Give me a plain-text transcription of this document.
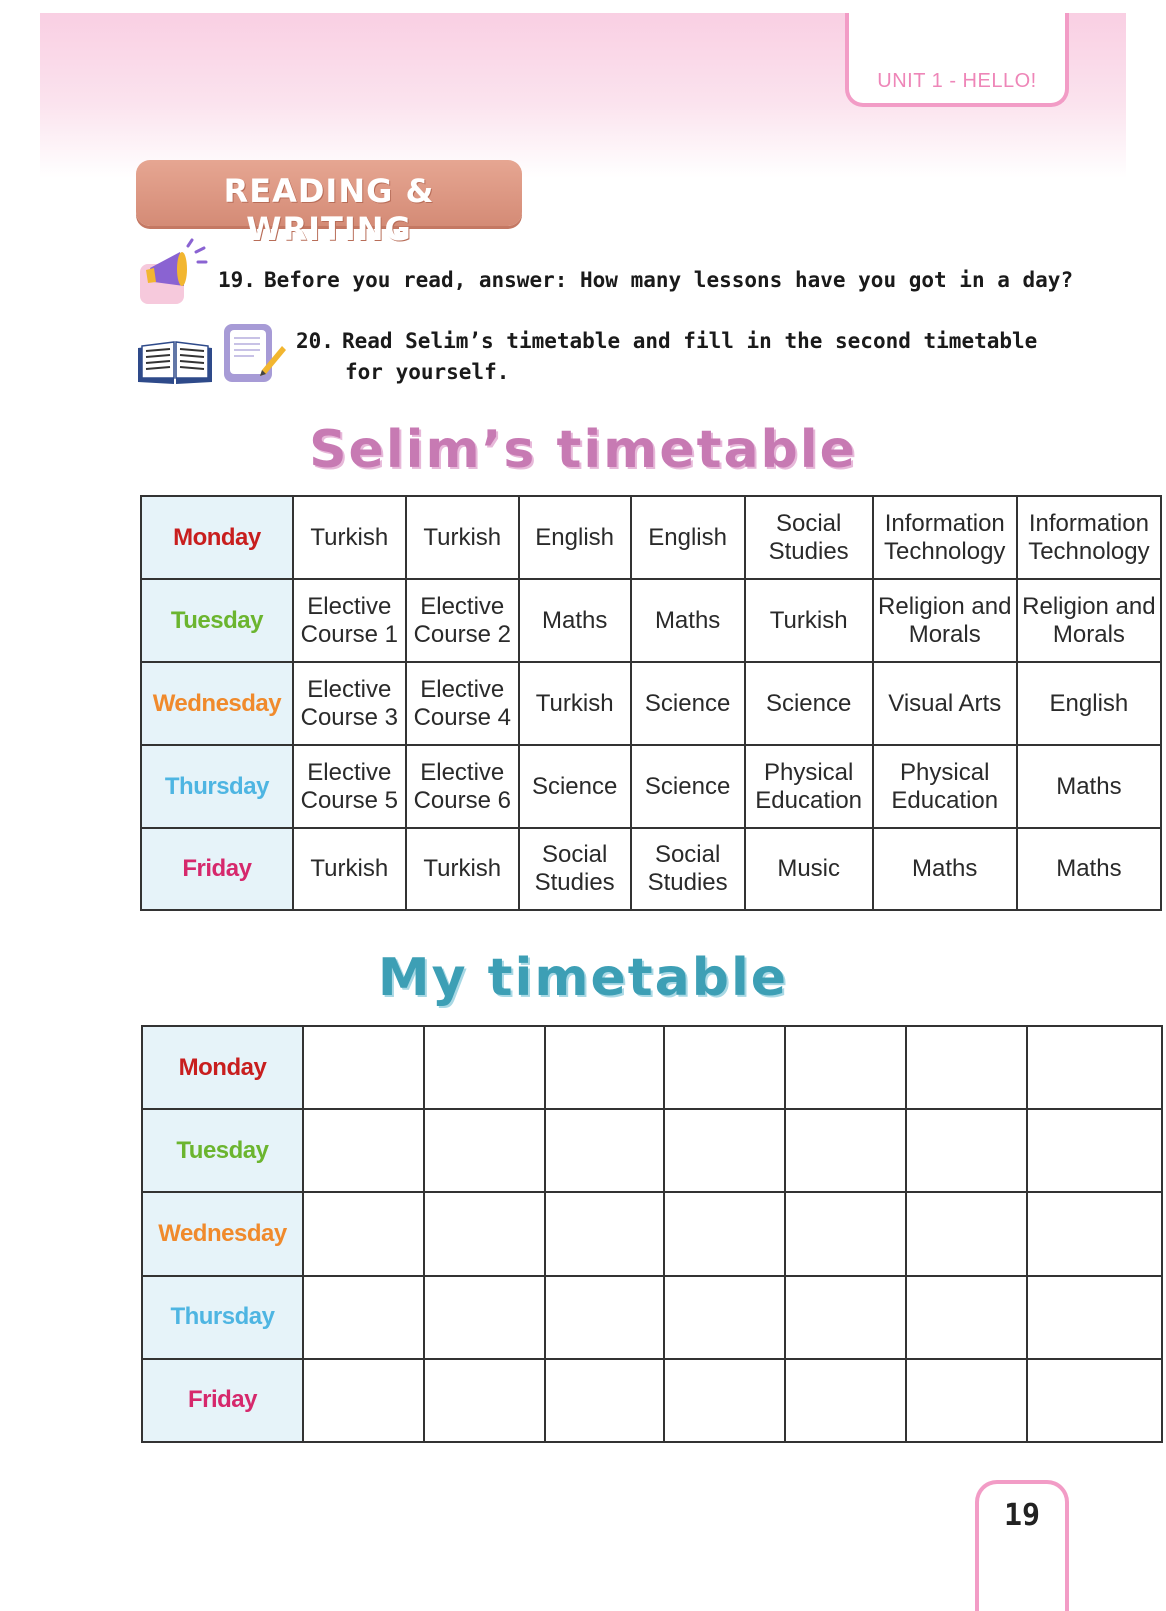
UNIT 1 - HELLO!
READING & WRITING
19. Before you read, answer: How many lessons have you got in a day?
20. Read Selim’s timetable and fill in the second timetable for yourself.
Selim’s timetable
Monday	Turkish	Turkish	English	English	Social Studies	Information Technology	Information Technology
Tuesday	Elective Course 1	Elective Course 2	Maths	Maths	Turkish	Religion and Morals	Religion and Morals
Wednesday	Elective Course 3	Elective Course 4	Turkish	Science	Science	Visual Arts	English
Thursday	Elective Course 5	Elective Course 6	Science	Science	Physical Education	Physical Education	Maths
Friday	Turkish	Turkish	Social Studies	Social Studies	Music	Maths	Maths
My timetable
Monday							
Tuesday							
Wednesday							
Thursday							
Friday							
19
